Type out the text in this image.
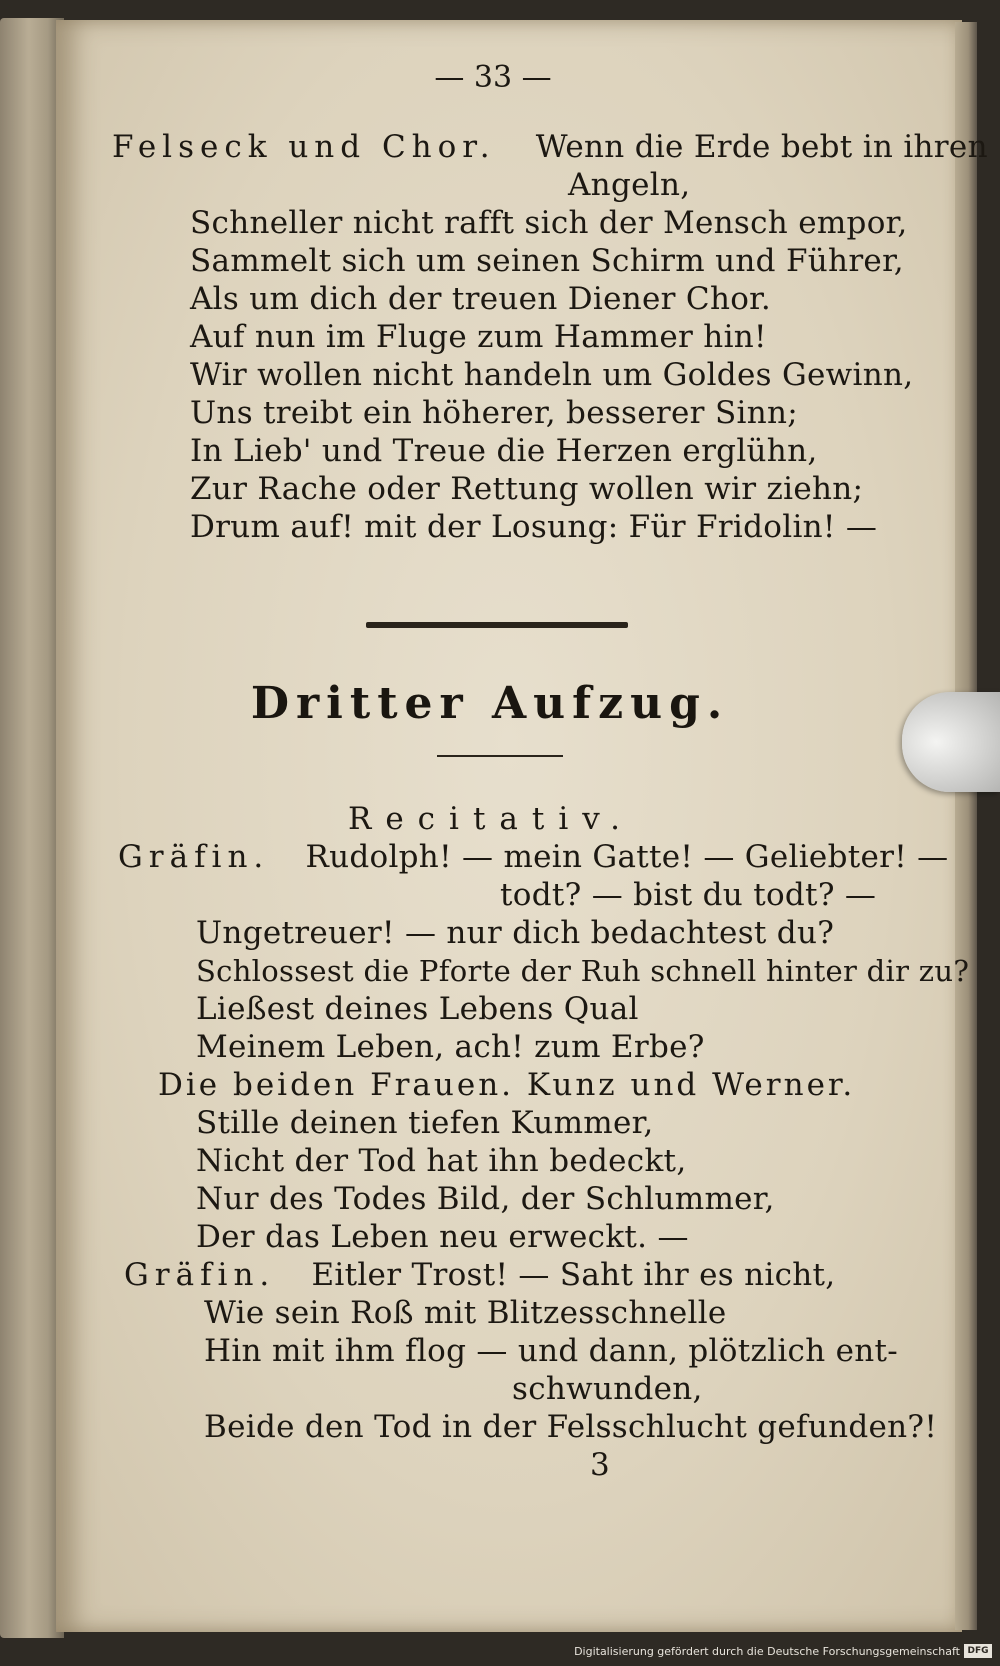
— 33 —
Felseck und Chor. Wenn die Erde bebt in ihren
Angeln,
Schneller nicht rafft sich der Mensch empor,
Sammelt sich um seinen Schirm und Führer,
Als um dich der treuen Diener Chor.
Auf nun im Fluge zum Hammer hin!
Wir wollen nicht handeln um Goldes Gewinn,
Uns treibt ein höherer, besserer Sinn;
In Lieb' und Treue die Herzen erglühn,
Zur Rache oder Rettung wollen wir ziehn;
Drum auf! mit der Losung: Für Fridolin! —
Dritter Aufzug.
Recitativ.
Gräfin. Rudolph! — mein Gatte! — Geliebter! —
todt? — bist du todt? —
Ungetreuer! — nur dich bedachtest du?
Schlossest die Pforte der Ruh schnell hinter dir zu?
Ließest deines Lebens Qual
Meinem Leben, ach! zum Erbe?
Die beiden Frauen. Kunz und Werner.
Stille deinen tiefen Kummer,
Nicht der Tod hat ihn bedeckt,
Nur des Todes Bild, der Schlummer,
Der das Leben neu erweckt. —
Gräfin. Eitler Trost! — Saht ihr es nicht,
Wie sein Roß mit Blitzesschnelle
Hin mit ihm flog — und dann, plötzlich ent-
schwunden,
Beide den Tod in der Felsschlucht gefunden?!
3
Digitalisierung gefördert durch die Deutsche Forschungsgemeinschaft DFG
